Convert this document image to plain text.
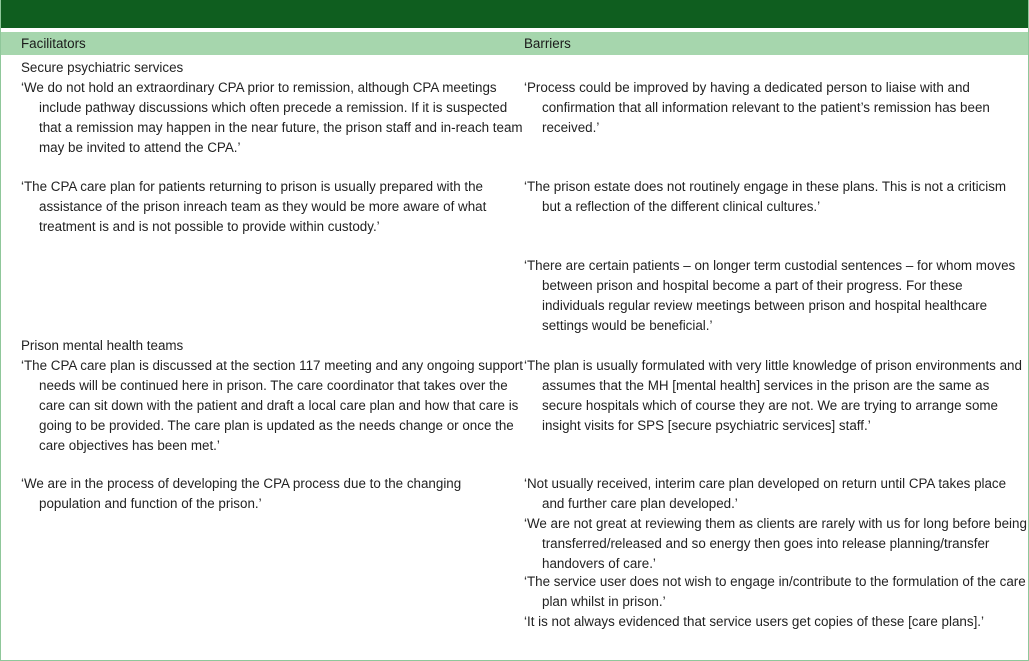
Facilitators	Barriers
Secure psychiatric services
‘We do not hold an extraordinary CPA prior to remission, although CPA meetings include pathway discussions which often precede a remission. If it is suspected that a remission may happen in the near future, the prison staff and in-reach team may be invited to attend the CPA.’
‘The CPA care plan for patients returning to prison is usually prepared with the assistance of the prison inreach team as they would be more aware of what treatment is and is not possible to provide within custody.’
‘Process could be improved by having a dedicated person to liaise with and confirmation that all information relevant to the patient’s remission has been received.’
‘The prison estate does not routinely engage in these plans. This is not a criticism but a reflection of the different clinical cultures.’
‘There are certain patients – on longer term custodial sentences – for whom moves between prison and hospital become a part of their progress. For these individuals regular review meetings between prison and hospital healthcare settings would be beneficial.’
Prison mental health teams
‘The CPA care plan is discussed at the section 117 meeting and any ongoing support needs will be continued here in prison. The care coordinator that takes over the care can sit down with the patient and draft a local care plan and how that care is going to be provided. The care plan is updated as the needs change or once the care objectives has been met.’
‘We are in the process of developing the CPA process due to the changing population and function of the prison.’
‘The plan is usually formulated with very little knowledge of prison environments and assumes that the MH [mental health] services in the prison are the same as secure hospitals which of course they are not. We are trying to arrange some insight visits for SPS [secure psychiatric services] staff.’
‘Not usually received, interim care plan developed on return until CPA takes place and further care plan developed.’
‘We are not great at reviewing them as clients are rarely with us for long before being transferred/released and so energy then goes into release planning/transfer handovers of care.’
‘The service user does not wish to engage in/contribute to the formulation of the care plan whilst in prison.’
‘It is not always evidenced that service users get copies of these [care plans].’
